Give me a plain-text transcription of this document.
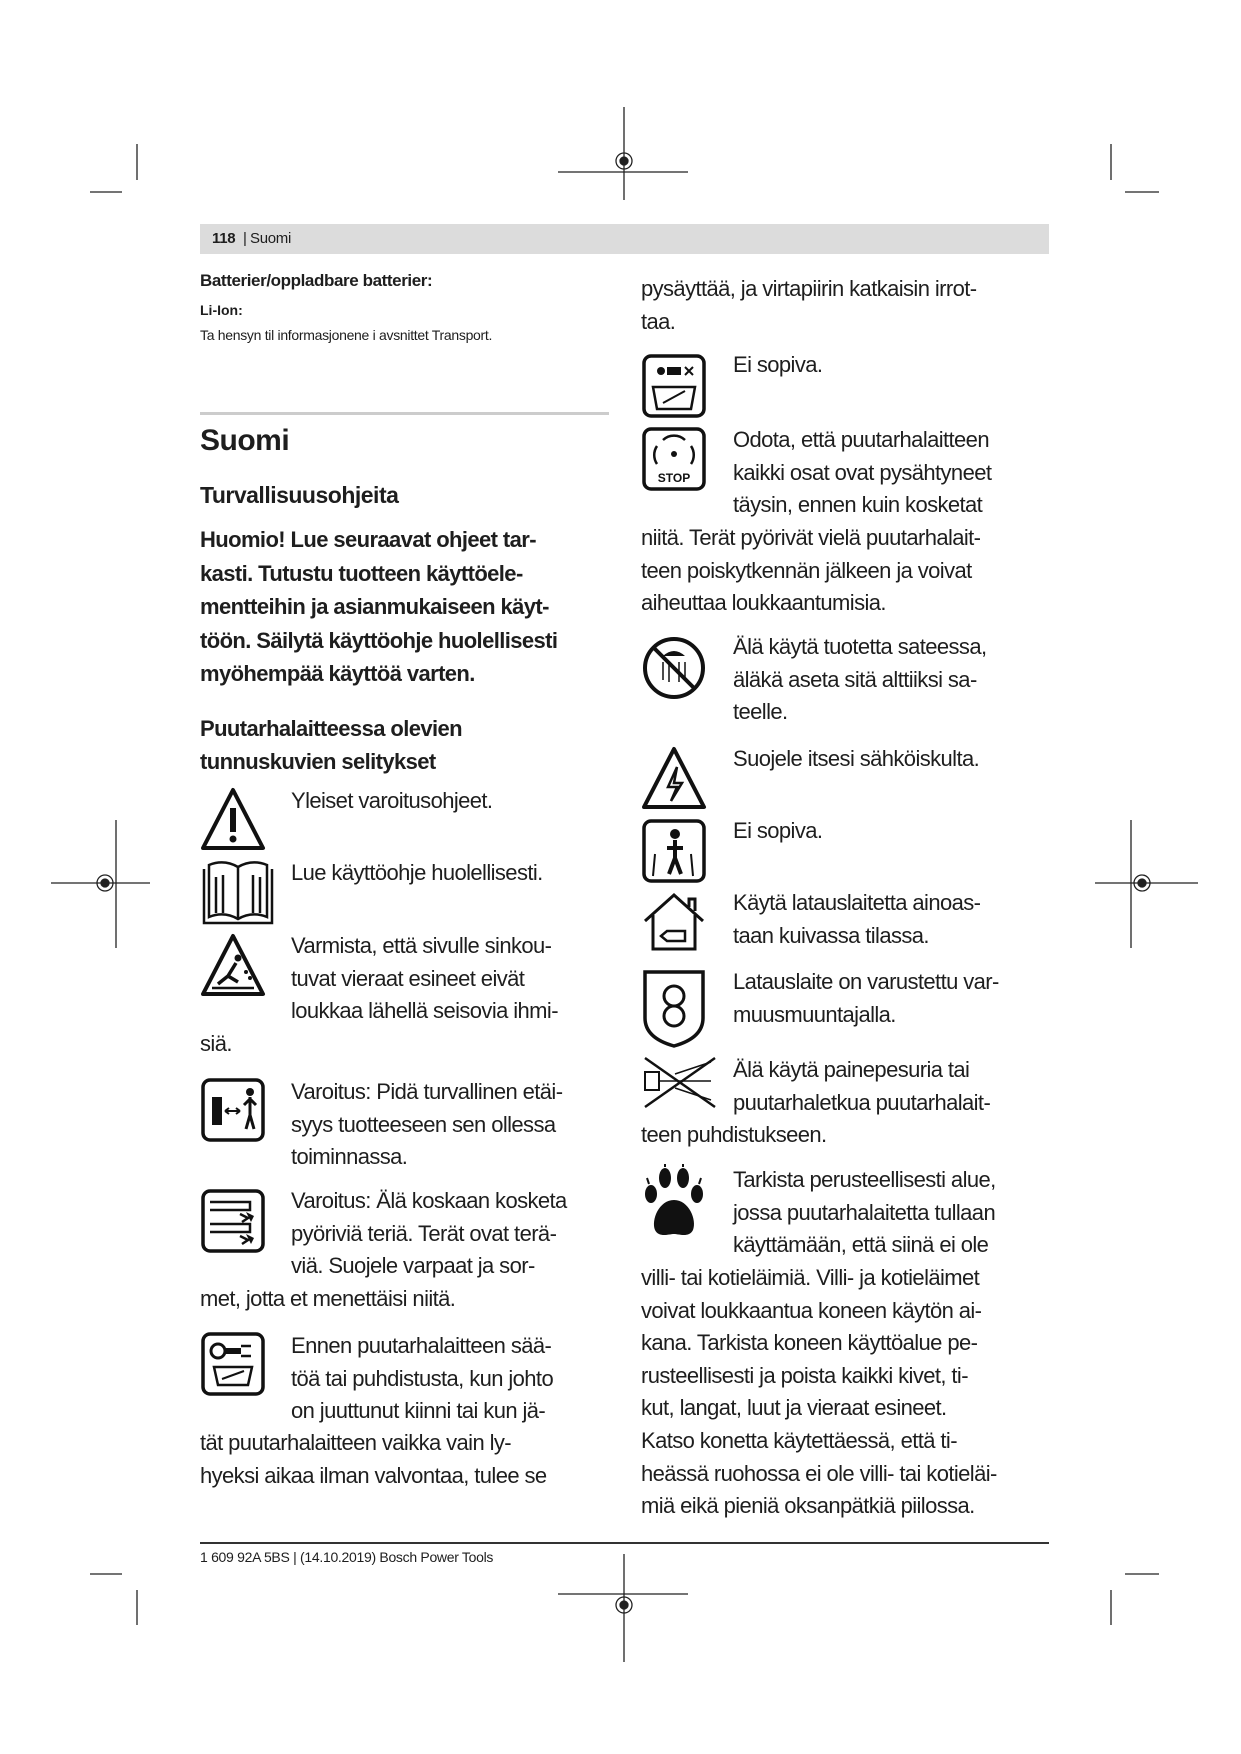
118 | Suomi
Batterier/oppladbare batterier:
Li-Ion:
Ta hensyn til informasjonene i avsnittet Transport.
Suomi
Turvallisuusohjeita
Huomio! Lue seuraavat ohjeet tar-
kasti. Tutustu tuotteen käyttöele-
mentteihin ja asianmukaiseen käyt-
töön. Säilytä käyttöohje huolellisesti
myöhempää käyttöä varten.
Puutarhalaitteessa olevien
tunnuskuvien selitykset
Yleiset varoitusohjeet.
Lue käyttöohje huolellisesti.
Varmista, että sivulle sinkou-
tuvat vieraat esineet eivät
loukkaa lähellä seisovia ihmi-
siä.
Varoitus: Pidä turvallinen etäi-
syys tuotteeseen sen ollessa
toiminnassa.
Varoitus: Älä koskaan kosketa
pyöriviä teriä. Terät ovat terä-
viä. Suojele varpaat ja sor-
met, jotta et menettäisi niitä.
Ennen puutarhalaitteen sää-
töä tai puhdistusta, kun johto
on juuttunut kiinni tai kun jä-
tät puutarhalaitteen vaikka vain ly-
hyeksi aikaa ilman valvontaa, tulee se
pysäyttää, ja virtapiirin katkaisin irrot-
taa.
Ei sopiva.
STOP
Odota, että puutarhalaitteen
kaikki osat ovat pysähtyneet
täysin, ennen kuin kosketat
niitä. Terät pyörivät vielä puutarhalait-
teen poiskytkennän jälkeen ja voivat
aiheuttaa loukkaantumisia.
Älä käytä tuotetta sateessa,
äläkä aseta sitä alttiiksi sa-
teelle.
Suojele itsesi sähköiskulta.
Ei sopiva.
Käytä latauslaitetta ainoas-
taan kuivassa tilassa.
Latauslaite on varustettu var-
muusmuuntajalla.
Älä käytä painepesuria tai
puutarhaletkua puutarhalait-
teen puhdistukseen.
Tarkista perusteellisesti alue,
jossa puutarhalaitetta tullaan
käyttämään, että siinä ei ole
villi- tai kotieläimiä. Villi- ja kotieläimet
voivat loukkaantua koneen käytön ai-
kana. Tarkista koneen käyttöalue pe-
rusteellisesti ja poista kaikki kivet, ti-
kut, langat, luut ja vieraat esineet.
Katso konetta käytettäessä, että ti-
heässä ruohossa ei ole villi- tai kotieläi-
miä eikä pieniä oksanpätkiä piilossa.
1 609 92A 5BS | (14.10.2019) Bosch Power Tools
